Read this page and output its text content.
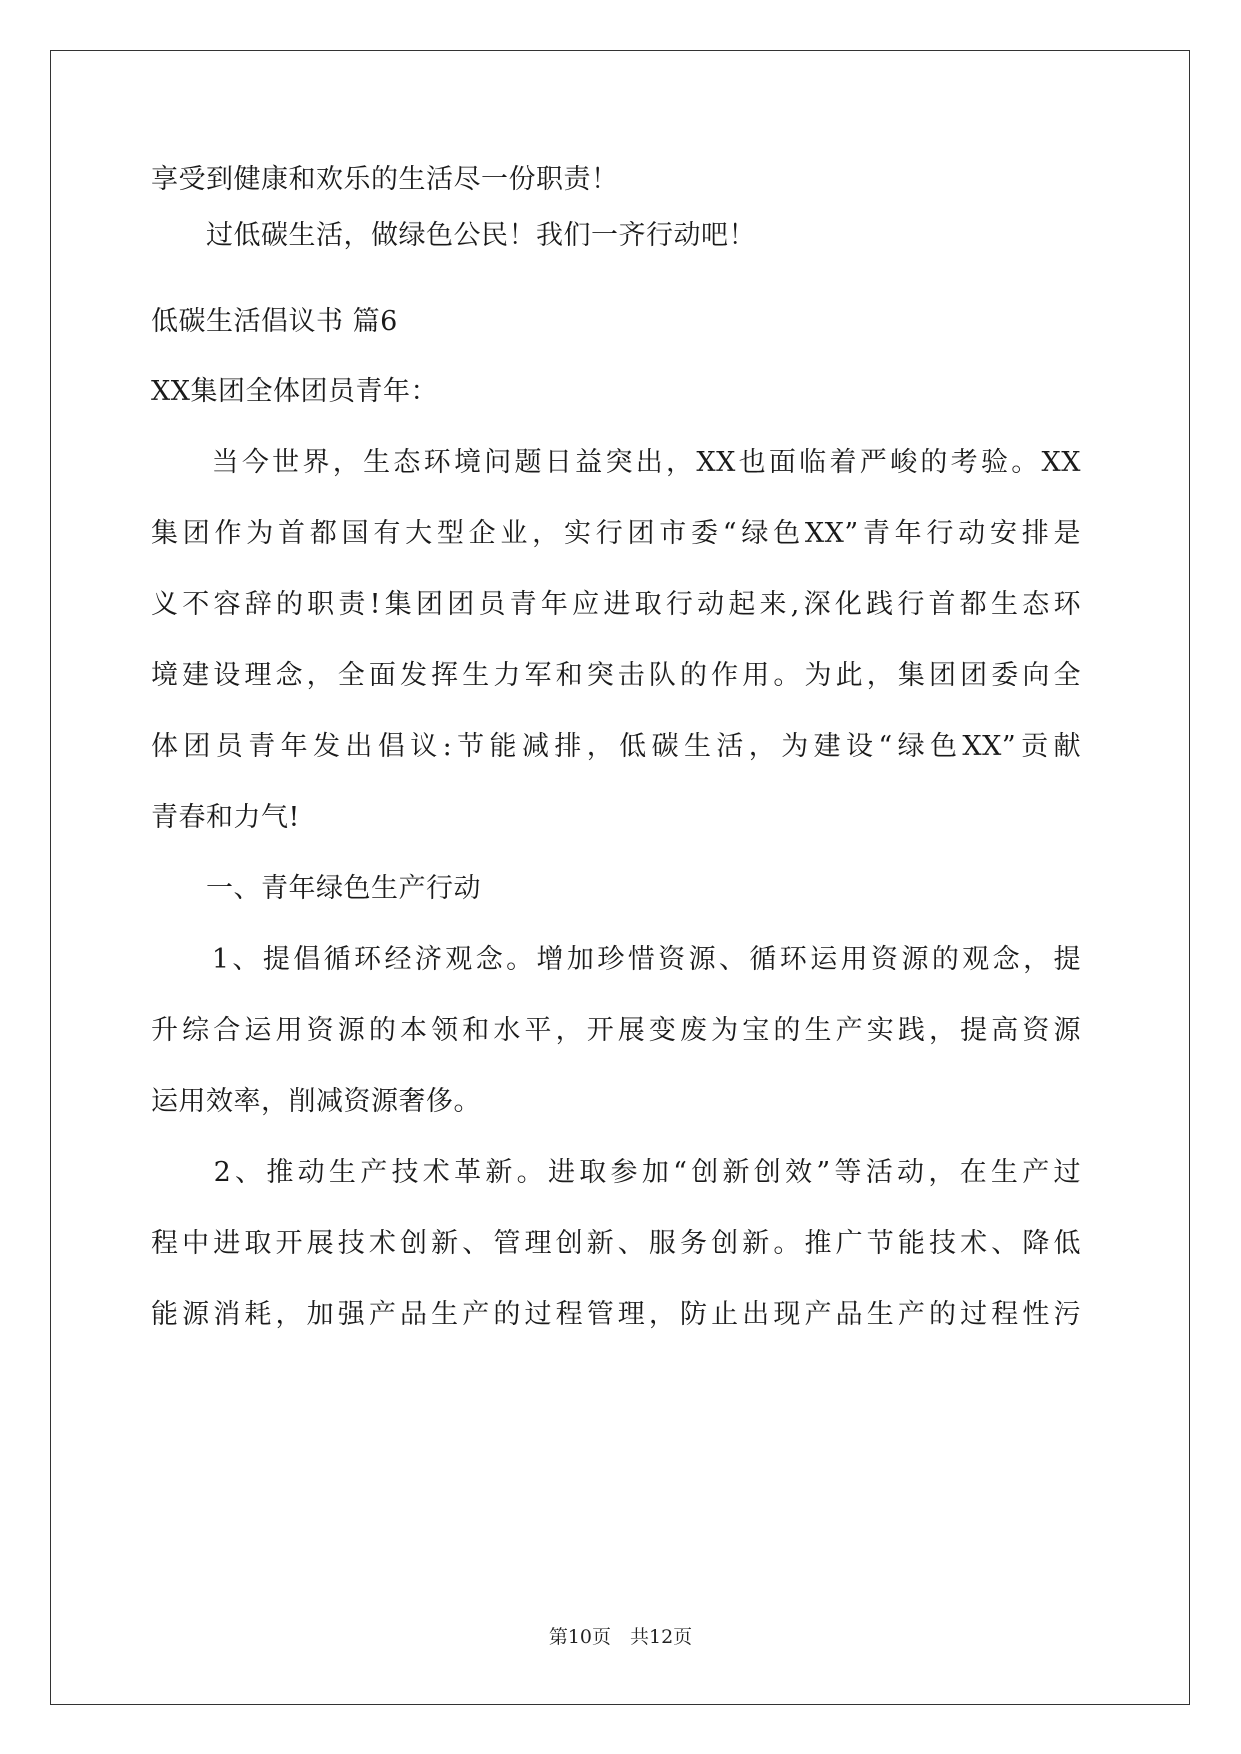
享受到健康和欢乐的生活尽一份职责！
　　过低碳生活，做绿色公民！我们一齐行动吧！
低碳生活倡议书 篇6
XX集团全体团员青年：
　　当今世界，生态环境问题日益突出，XX也面临着严峻的考验。XX
集团作为首都国有大型企业，实行团市委“绿色XX”青年行动安排是
义不容辞的职责!集团团员青年应进取行动起来,深化践行首都生态环
境建设理念，全面发挥生力军和突击队的作用。为此，集团团委向全
体团员青年发出倡议:节能减排，低碳生活，为建设“绿色XX”贡献
青春和力气!
　　一、青年绿色生产行动
　　1、提倡循环经济观念。增加珍惜资源、循环运用资源的观念，提
升综合运用资源的本领和水平，开展变废为宝的生产实践，提高资源
运用效率，削减资源奢侈。
　　2、推动生产技术革新。进取参加“创新创效”等活动，在生产过
程中进取开展技术创新、管理创新、服务创新。推广节能技术、降低
能源消耗，加强产品生产的过程管理，防止出现产品生产的过程性污
第10页　共12页
